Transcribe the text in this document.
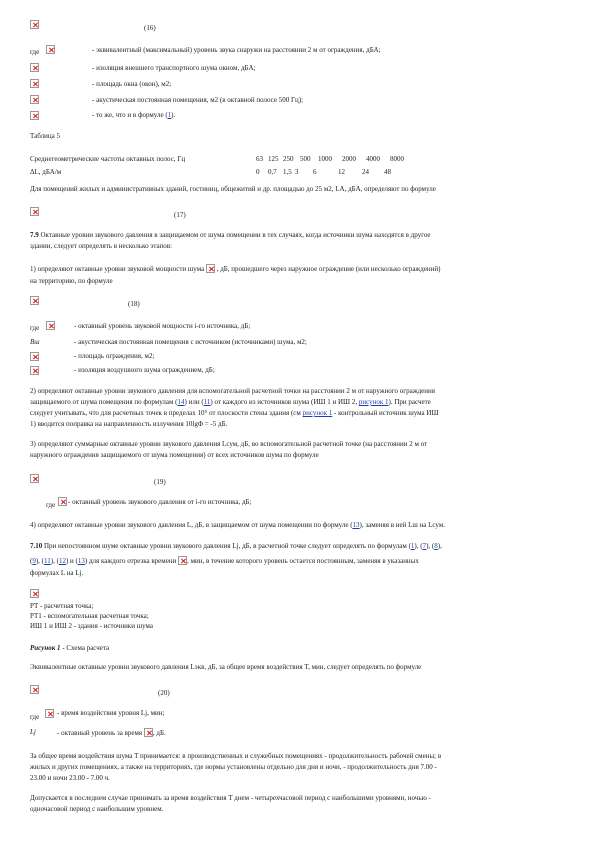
(16)
где	- эквивалентный (максимальный) уровень звука снаружи на расстоянии 2 м от ограждения, дБА;
- изоляция внешнего транспортного шума окном, дБА;
- площадь окна (окон), м2;
- акустическая постоянная помещения, м2 (в октавной полосе 500 Гц);
- то же, что и в формуле (1).
Таблица 5
Среднегеометрические частоты октавных полос, Гц	63 125 250 500 1000 2000 4000 8000
ΔL, дБА/м	0 0,7 1,5 3 6	12 24 48
Для помещений жилых и административных зданий, гостиниц, общежитий и др. площадью до 25 м2, LA, дБА, определяют по формуле
(17)
7.9 Октавные уровни звукового давления в защищаемом от шума помещении в тех случаях, когда источники шума находятся в другое
здании, следует определять в несколько этапов:
1) определяют октавные уровни звуковой мощности шума , дБ, прошедшего через наружное ограждение (или несколько ограждений)
на территорию, по формуле
(18)
где	- октавный уровень звуковой мощности i-го источника, дБ;
Bш	- акустическая постоянная помещения с источником (источниками) шума, м2;
- площадь ограждения, м2;
- изоляция воздушного шума ограждением, дБ;
2) определяют октавные уровни звукового давления для вспомогательной расчетной точки на расстоянии 2 м от наружного ограждения
защищаемого от шума помещения по формулам (14) или (11) от каждого из источников шума (ИШ 1 и ИШ 2, рисунок 1). При расчете
следует учитывать, что для расчетных точек в пределах 10° от плоскости стены здания (см рисунок 1 - контрольный источник шума ИШ
1) вводится поправка на направленность излучения 10lgΦ = -5 дБ.
3) определяют суммарные октавные уровни звукового давления Lсум, дБ, во вспомогательной расчетной точке (на расстоянии 2 м от
наружного ограждения защищаемого от шума помещения) от всех источников шума по формуле
(19)
где - октавный уровень звукового давления от i-го источника, дБ;
4) определяют октавные уровни звукового давления L, дБ, в защищаемом от шума помещении по формуле (13), заменяя в ней Lш на Lсум.
7.10 При непостоянном шуме октавные уровни звукового давления Lj, дБ, в расчетной точке следует определять по формулам (1), (7), (8),
(9), (11), (12) и (13) для каждого отрезка времени , мин, в течение которого уровень остается постоянным, заменяя в указанных
формулах L на Lj.
РТ - расчетная точка;
РТ1 - вспомогательная расчетная точка;
ИШ 1 и ИШ 2 - здания - источники шума
Рисунок 1 - Схема расчета
Эквивалентные октавные уровни звукового давления Lэкв, дБ, за общее время воздействия T, мин, следует определять по формуле
(20)
где	- время воздействия уровня Lj, мин;
Lj	- октавный уровень за время , дБ.
За общее время воздействия шума T принимается: в производственных и служебных помещениях - продолжительность рабочей смены; в
жилых и других помещениях, а также на территориях, где нормы установлены отдельно для дня и ночи, - продолжительность дня 7.00 -
23.00 и ночи 23.00 - 7.00 ч.
Допускается в последнем случае принимать за время воздействия T днем - четырехчасовой период с наибольшими уровнями, ночью -
одночасовой период с наибольшим уровнем.
